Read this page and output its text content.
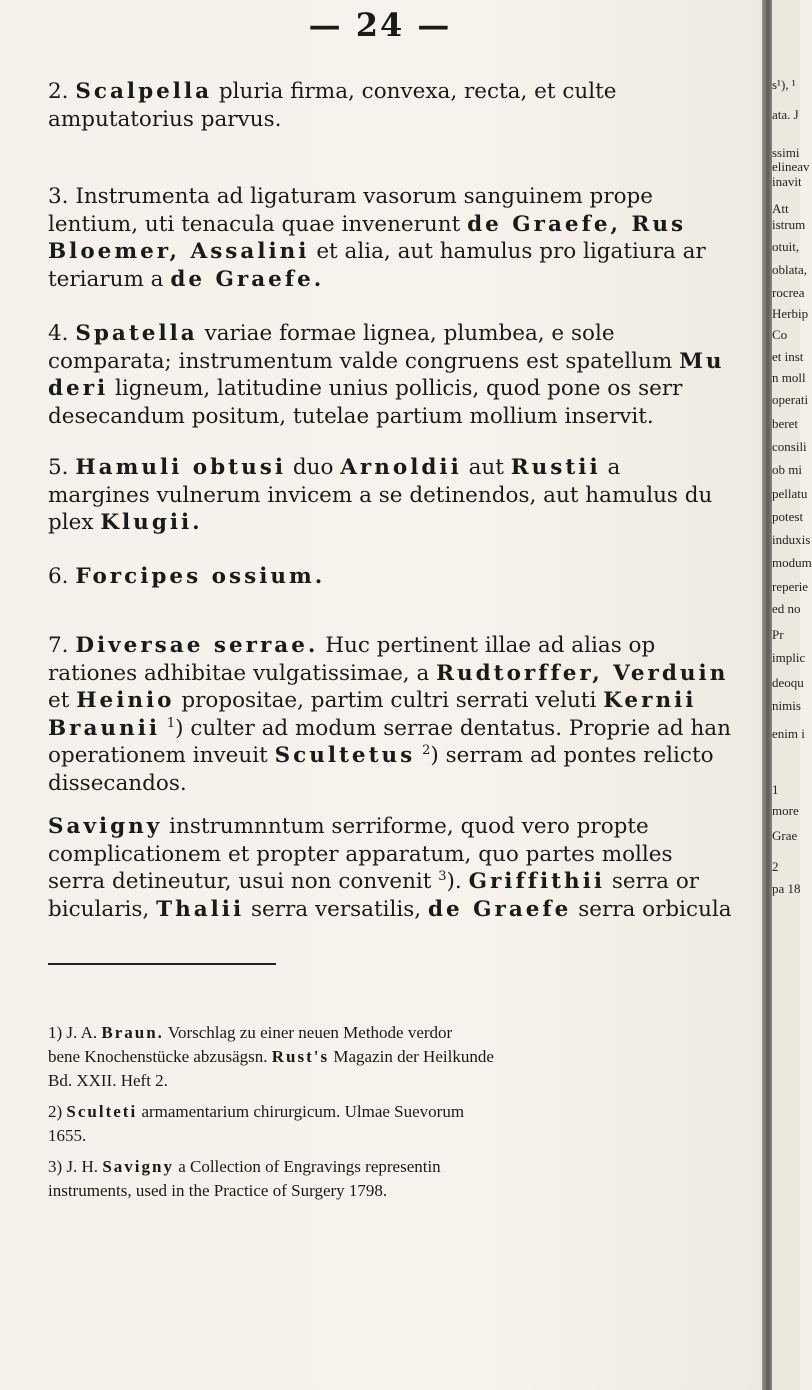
— 24 —
2. Scalpella pluria firma, convexa, recta, et culte
amputatorius parvus.
3. Instrumenta ad ligaturam vasorum sanguinem prope
lentium, uti tenacula quae invenerunt de Graefe, Rus
Bloemer, Assalini et alia, aut hamulus pro ligatiura ar
teriarum a de Graefe.
4. Spatella variae formae lignea, plumbea, e sole
comparata; instrumentum valde congruens est spatellum Mu
deri ligneum, latitudine unius pollicis, quod pone os serr
desecandum positum, tutelae partium mollium inservit.
5. Hamuli obtusi duo Arnoldii aut Rustii a
margines vulnerum invicem a se detinendos, aut hamulus du
plex Klugii.
6. Forcipes ossium.
7. Diversae serrae. Huc pertinent illae ad alias op
rationes adhibitae vulgatissimae, a Rudtorffer, Verduin
et Heinio propositae, partim cultri serrati veluti Kernii
Braunii $^1$) culter ad modum serrae dentatus. Proprie ad han
operationem inveuit Scultetus $^2$) serram ad pontes relicto
dissecandos.
Savigny instrumnntum serriforme, quod vero propte
complicationem et propter apparatum, quo partes molles
serra detineutur, usui non convenit $^3$). Griffithii serra or
bicularis, Thalii serra versatilis, de Graefe serra orbicula
1) J. A. Braun. Vorschlag zu einer neuen Methode verdor
bene Knochenstücke abzusägsn. Rust's Magazin der Heilkunde
Bd. XXII. Heft 2.
2) Sculteti armamentarium chirurgicum. Ulmae Suevorum
1655.
3) J. H. Savigny a Collection of Engravings representin
instruments, used in the Practice of Surgery 1798.
s¹), ¹
ata. J
ssimi
elineav
inavit
Att
istrum
otuit,
oblata,
rocrea
Herbip
Co
et inst
n moll
operati
beret
consili
ob mi
pellatu
potest
induxis
modum
reperie
ed no
Pr
implic
deoqu
nimis
enim i
1
more
Grae
2
pa 18
